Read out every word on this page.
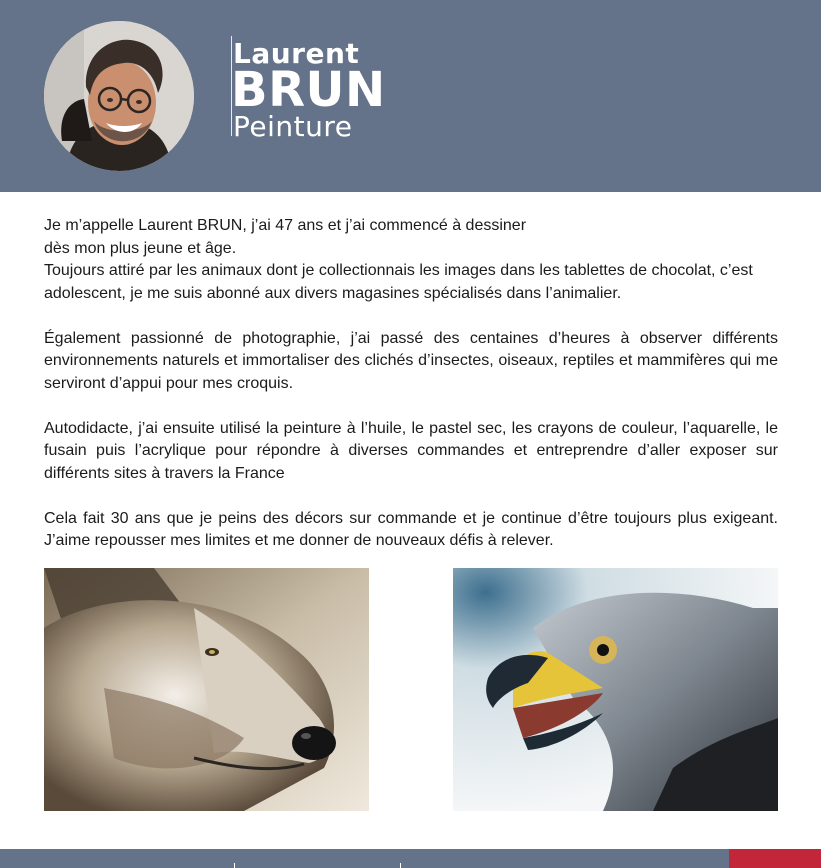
Laurent
BRUN
Peinture

Je m’appelle Laurent BRUN, j’ai 47 ans et j’ai commencé à dessiner
dès mon plus jeune et âge.
Toujours attiré par les animaux dont je collectionnais les images dans les tablettes de chocolat, c’est adolescent, je me suis abonné aux divers magasines spécialisés dans l’animalier.

Également passionné de photographie, j’ai passé des centaines d’heures à observer différents environnements naturels et immortaliser des clichés d’insectes, oiseaux, reptiles et mammifères qui me serviront d’appui pour mes croquis.

Autodidacte, j’ai ensuite utilisé la peinture à l’huile, le pastel sec, les crayons de couleur, l’aquarelle, le fusain puis l’acrylique pour répondre à diverses commandes et entreprendre d’aller exposer sur différents sites à travers la France

Cela fait 30 ans que je peins des décors sur commande et je continue d’être toujours plus exigeant. J’aime repousser mes limites et me donner de nouveaux défis à relever.
